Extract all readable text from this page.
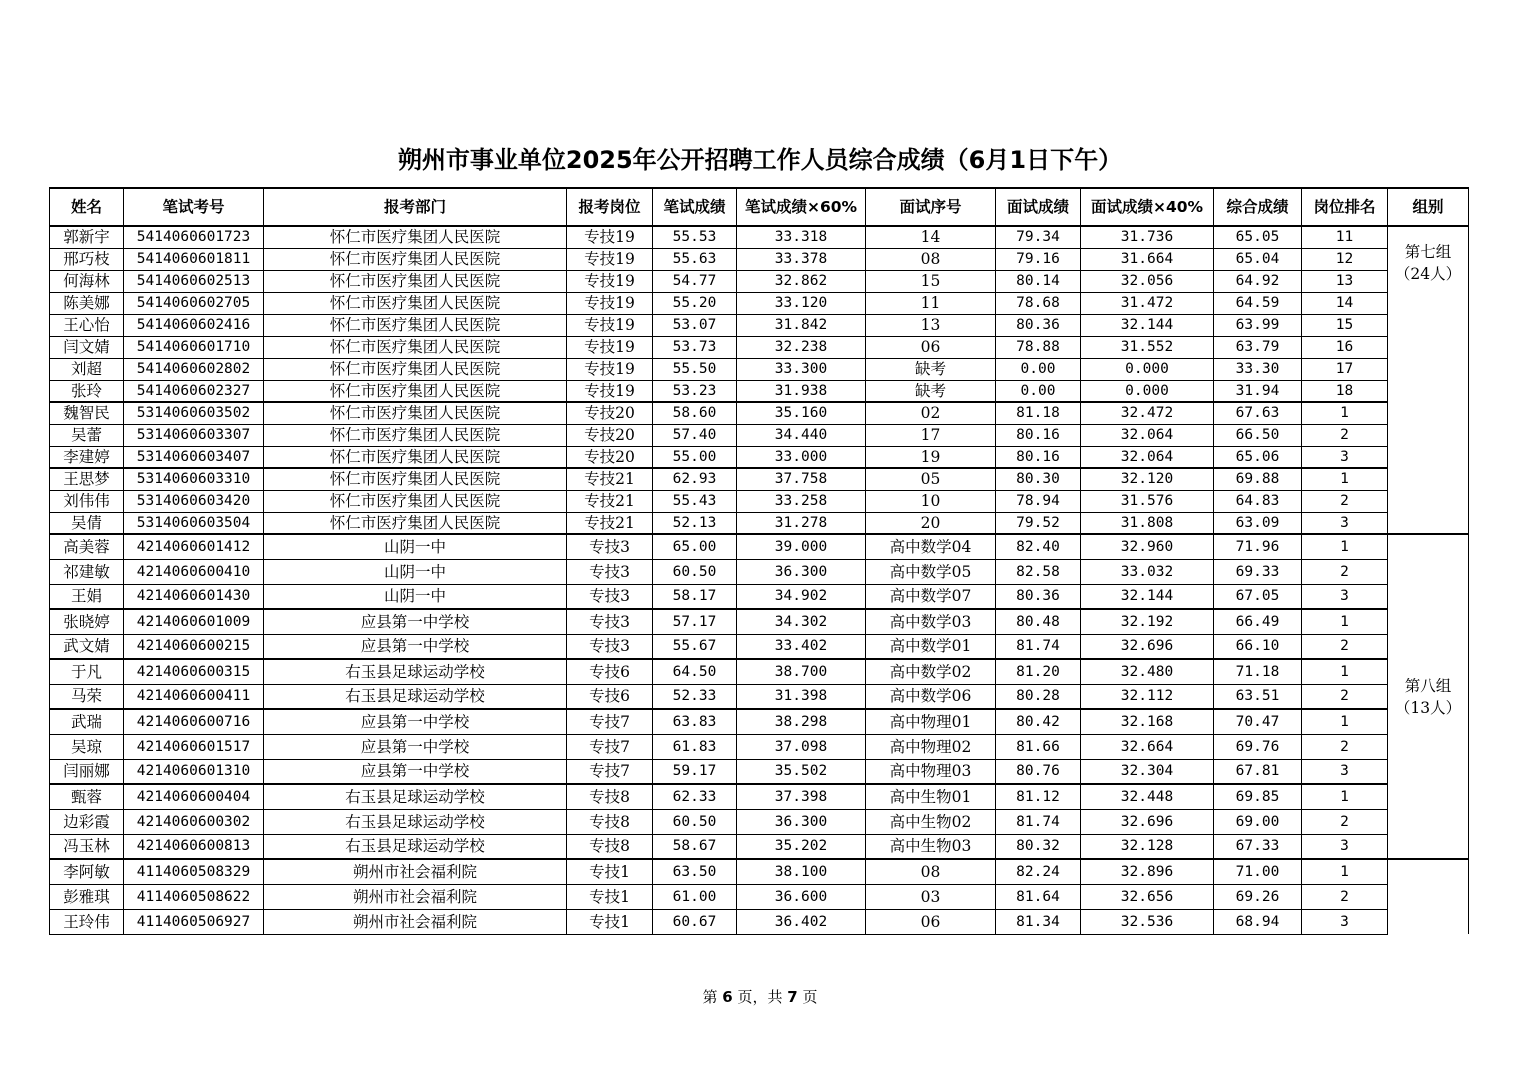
朔州市事业单位2025年公开招聘工作人员综合成绩（6月1日下午）
姓名	笔试考号	报考部门	报考岗位	笔试成绩	笔试成绩×60%	面试序号	面试成绩	面试成绩×40%	综合成绩	岗位排名	组别
郭新宇	5414060601723	怀仁市医疗集团人民医院	专技19	55.53	33.318	14	79.34	31.736	65.05	11	第七组
（24人）

邢巧枝	5414060601811	怀仁市医疗集团人民医院	专技19	55.63	33.378	08	79.16	31.664	65.04	12	
何海林	5414060602513	怀仁市医疗集团人民医院	专技19	54.77	32.862	15	80.14	32.056	64.92	13	
陈美娜	5414060602705	怀仁市医疗集团人民医院	专技19	55.20	33.120	11	78.68	31.472	64.59	14	
王心怡	5414060602416	怀仁市医疗集团人民医院	专技19	53.07	31.842	13	80.36	32.144	63.99	15	
闫文婧	5414060601710	怀仁市医疗集团人民医院	专技19	53.73	32.238	06	78.88	31.552	63.79	16	
刘超	5414060602802	怀仁市医疗集团人民医院	专技19	55.50	33.300	缺考	0.00	0.000	33.30	17	
张玲	5414060602327	怀仁市医疗集团人民医院	专技19	53.23	31.938	缺考	0.00	0.000	31.94	18	
魏智民	5314060603502	怀仁市医疗集团人民医院	专技20	58.60	35.160	02	81.18	32.472	67.63	1	
吴蕾	5314060603307	怀仁市医疗集团人民医院	专技20	57.40	34.440	17	80.16	32.064	66.50	2	
李建婷	5314060603407	怀仁市医疗集团人民医院	专技20	55.00	33.000	19	80.16	32.064	65.06	3	
王思梦	5314060603310	怀仁市医疗集团人民医院	专技21	62.93	37.758	05	80.30	32.120	69.88	1	
刘伟伟	5314060603420	怀仁市医疗集团人民医院	专技21	55.43	33.258	10	78.94	31.576	64.83	2	
吴倩	5314060603504	怀仁市医疗集团人民医院	专技21	52.13	31.278	20	79.52	31.808	63.09	3	
高美蓉	4214060601412	山阴一中	专技3	65.00	39.000	高中数学04	82.40	32.960	71.96	1	第八组
（13人）

祁建敏	4214060600410	山阴一中	专技3	60.50	36.300	高中数学05	82.58	33.032	69.33	2	
王娟	4214060601430	山阴一中	专技3	58.17	34.902	高中数学07	80.36	32.144	67.05	3	
张晓婷	4214060601009	应县第一中学校	专技3	57.17	34.302	高中数学03	80.48	32.192	66.49	1	
武文婧	4214060600215	应县第一中学校	专技3	55.67	33.402	高中数学01	81.74	32.696	66.10	2	
于凡	4214060600315	右玉县足球运动学校	专技6	64.50	38.700	高中数学02	81.20	32.480	71.18	1	
马荣	4214060600411	右玉县足球运动学校	专技6	52.33	31.398	高中数学06	80.28	32.112	63.51	2	
武瑞	4214060600716	应县第一中学校	专技7	63.83	38.298	高中物理01	80.42	32.168	70.47	1	
吴琼	4214060601517	应县第一中学校	专技7	61.83	37.098	高中物理02	81.66	32.664	69.76	2	
闫丽娜	4214060601310	应县第一中学校	专技7	59.17	35.502	高中物理03	80.76	32.304	67.81	3	
甄蓉	4214060600404	右玉县足球运动学校	专技8	62.33	37.398	高中生物01	81.12	32.448	69.85	1	
边彩霞	4214060600302	右玉县足球运动学校	专技8	60.50	36.300	高中生物02	81.74	32.696	69.00	2	
冯玉林	4214060600813	右玉县足球运动学校	专技8	58.67	35.202	高中生物03	80.32	32.128	67.33	3	
李阿敏	4114060508329	朔州市社会福利院	专技1	63.50	38.100	08	82.24	32.896	71.00	1	

彭雅琪	4114060508622	朔州市社会福利院	专技1	61.00	36.600	03	81.64	32.656	69.26	2	
王玲伟	4114060506927	朔州市社会福利院	专技1	60.67	36.402	06	81.34	32.536	68.94	3	
第 6 页，共 7 页
